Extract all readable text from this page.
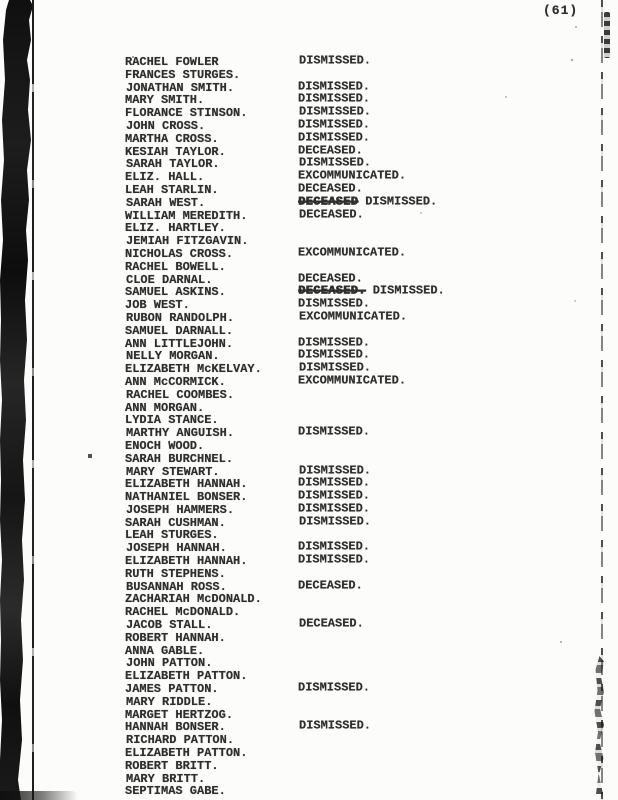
(61)
RACHEL FOWLER	DISMISSED.
FRANCES STURGES.
JONATHAN SMITH.	DISMISSED.
MARY SMITH.	DISMISSED.
FLORANCE STINSON.	DISMISSED.
JOHN CROSS.	DISMISSED.
MARTHA CROSS.	DISMISSED.
KESIAH TAYLOR.	DECEASED.
SARAH TAYLOR.	DISMISSED.
ELIZ. HALL.	EXCOMMUNICATED.
LEAH STARLIN.	DECEASED.
SARAH WEST.	DECEASED DISMISSED.
WILLIAM MEREDITH.	DECEASED.
ELIZ. HARTLEY.
JEMIAH FITZGAVIN.
NICHOLAS CROSS.	EXCOMMUNICATED.
RACHEL BOWELL.
CLOE DARNAL.	DECEASED.
SAMUEL ASKINS.	DECEASED. DISMISSED.
JOB WEST.	DISMISSED.
RUBON RANDOLPH.	EXCOMMUNICATED.
SAMUEL DARNALL.
ANN LITTLEJOHN.	DISMISSED.
NELLY MORGAN.	DISMISSED.
ELIZABETH McKELVAY.	DISMISSED.
ANN McCORMICK.	EXCOMMUNICATED.
RACHEL COOMBES.
ANN MORGAN.
LYDIA STANCE.
MARTHY ANGUISH.	DISMISSED.
ENOCH WOOD.
SARAH BURCHNEL.
MARY STEWART.	DISMISSED.
ELIZABETH HANNAH.	DISMISSED.
NATHANIEL BONSER.	DISMISSED.
JOSEPH HAMMERS.	DISMISSED.
SARAH CUSHMAN.	DISMISSED.
LEAH STURGES.
JOSEPH HANNAH.	DISMISSED.
ELIZABETH HANNAH.	DISMISSED.
RUTH STEPHENS.
BUSANNAH ROSS.	DECEASED.
ZACHARIAH McDONALD.
RACHEL McDONALD.
JACOB STALL.	DECEASED.
ROBERT HANNAH.
ANNA GABLE.
JOHN PATTON.
ELIZABETH PATTON.
JAMES PATTON.	DISMISSED.
MARY RIDDLE.
MARGET HERTZOG.
HANNAH BONSER.	DISMISSED.
RICHARD PATTON.
ELIZABETH PATTON.
ROBERT BRITT.
MARY BRITT.
SEPTIMAS GABE.
